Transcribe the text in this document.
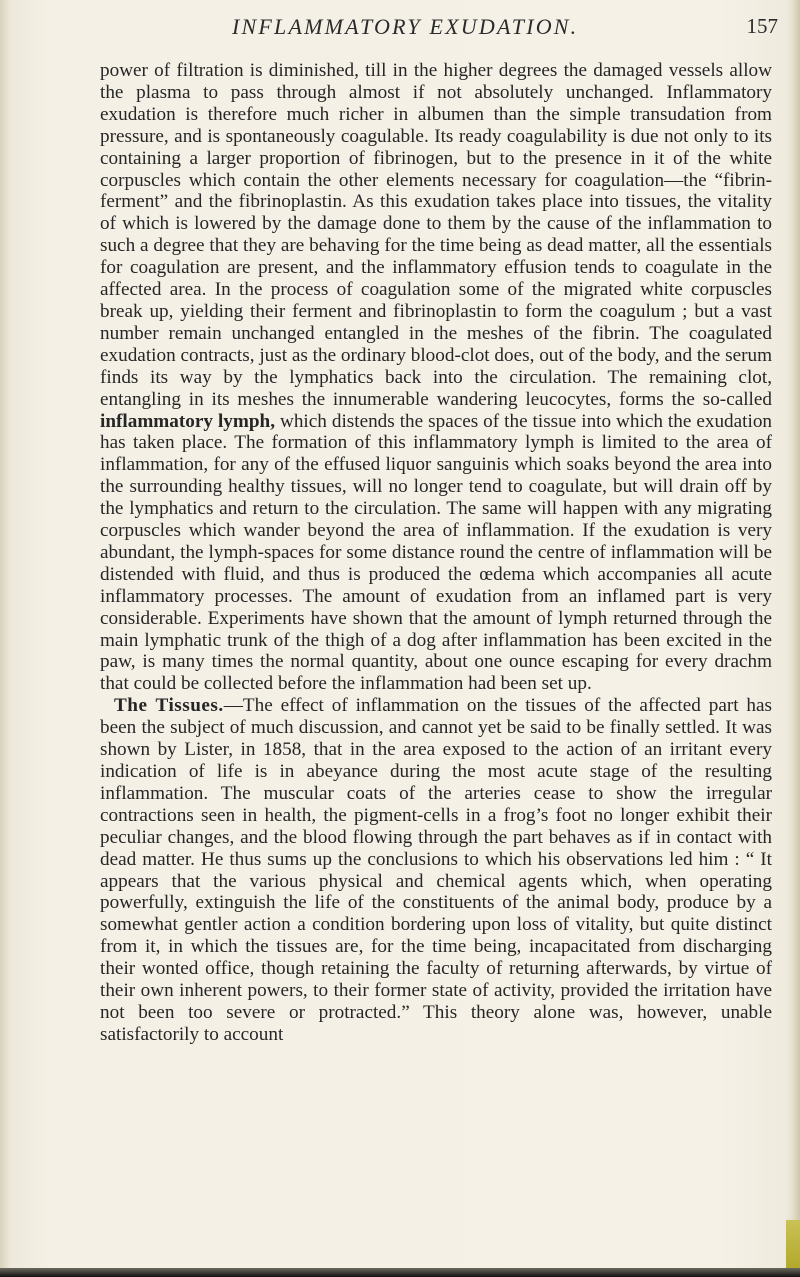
INFLAMMATORY EXUDATION.	157

power of filtration is diminished, till in the higher degrees the damaged vessels allow the plasma to pass through almost if not absolutely unchanged. Inflammatory exudation is therefore much richer in albumen than the simple transudation from pressure, and is spontaneously coagulable. Its ready coagulability is due not only to its containing a larger proportion of fibrinogen, but to the presence in it of the white corpuscles which contain the other elements necessary for coagulation—the “fibrin-ferment” and the fibrinoplastin. As this exudation takes place into tissues, the vitality of which is lowered by the damage done to them by the cause of the inflammation to such a degree that they are behaving for the time being as dead matter, all the essentials for coagulation are present, and the inflammatory effusion tends to coagulate in the affected area. In the process of coagulation some of the migrated white corpuscles break up, yielding their ferment and fibrinoplastin to form the coagulum ; but a vast number remain unchanged entangled in the meshes of the fibrin. The coagulated exudation contracts, just as the ordinary blood-clot does, out of the body, and the serum finds its way by the lymphatics back into the circulation. The remaining clot, entangling in its meshes the innumerable wandering leucocytes, forms the so-called inflammatory lymph, which distends the spaces of the tissue into which the exudation has taken place. The formation of this inflammatory lymph is limited to the area of inflammation, for any of the effused liquor sanguinis which soaks beyond the area into the surrounding healthy tissues, will no longer tend to coagulate, but will drain off by the lymphatics and return to the circulation. The same will happen with any migrating corpuscles which wander beyond the area of inflammation. If the exudation is very abundant, the lymph-spaces for some distance round the centre of inflammation will be distended with fluid, and thus is produced the œdema which accompanies all acute inflammatory processes. The amount of exudation from an inflamed part is very considerable. Experiments have shown that the amount of lymph returned through the main lymphatic trunk of the thigh of a dog after inflammation has been excited in the paw, is many times the normal quantity, about one ounce escaping for every drachm that could be collected before the inflammation had been set up.

The Tissues.—The effect of inflammation on the tissues of the affected part has been the subject of much discussion, and cannot yet be said to be finally settled. It was shown by Lister, in 1858, that in the area exposed to the action of an irritant every indication of life is in abeyance during the most acute stage of the resulting inflammation. The muscular coats of the arteries cease to show the irregular contractions seen in health, the pigment-cells in a frog’s foot no longer exhibit their peculiar changes, and the blood flowing through the part behaves as if in contact with dead matter. He thus sums up the conclusions to which his observations led him : “ It appears that the various physical and chemical agents which, when operating powerfully, extinguish the life of the constituents of the animal body, produce by a somewhat gentler action a condition bordering upon loss of vitality, but quite distinct from it, in which the tissues are, for the time being, incapacitated from discharging their wonted office, though retaining the faculty of returning afterwards, by virtue of their own inherent powers, to their former state of activity, provided the irritation have not been too severe or protracted.” This theory alone was, however, unable satisfactorily to account
